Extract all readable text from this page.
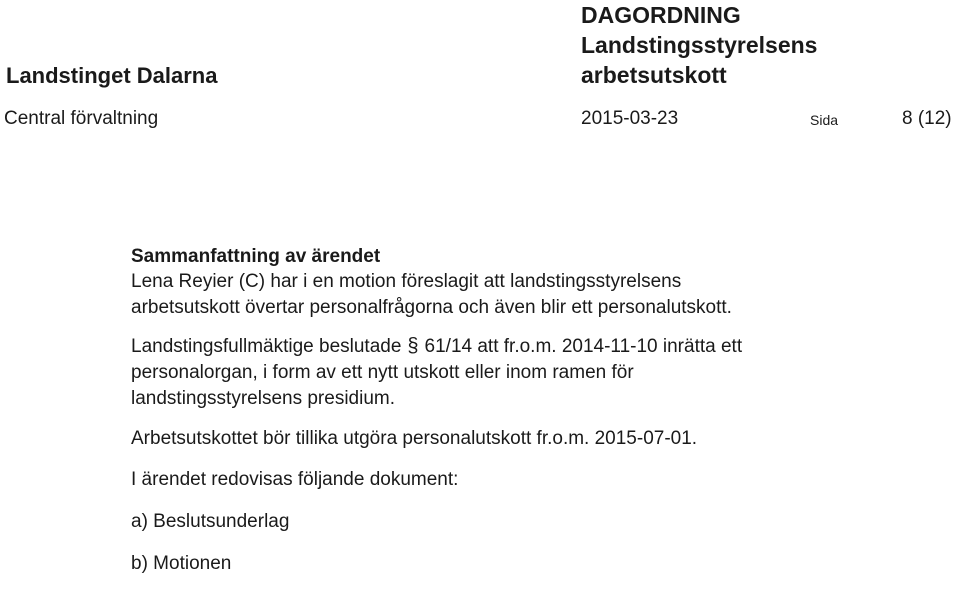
Landstinget Dalarna
DAGORDNING
Landstingsstyrelsens
arbetsutskott
Central förvaltning	2015-03-23	Sida	8 (12)
Sammanfattning av ärendet
Lena Reyier (C) har i en motion föreslagit att landstingsstyrelsens
arbetsutskott övertar personalfrågorna och även blir ett personalutskott.
Landstingsfullmäktige beslutade § 61/14 att fr.o.m. 2014-11-10 inrätta ett
personalorgan, i form av ett nytt utskott eller inom ramen för
landstingsstyrelsens presidium.
Arbetsutskottet bör tillika utgöra personalutskott fr.o.m. 2015-07-01.
I ärendet redovisas följande dokument:
a) Beslutsunderlag
b) Motionen
